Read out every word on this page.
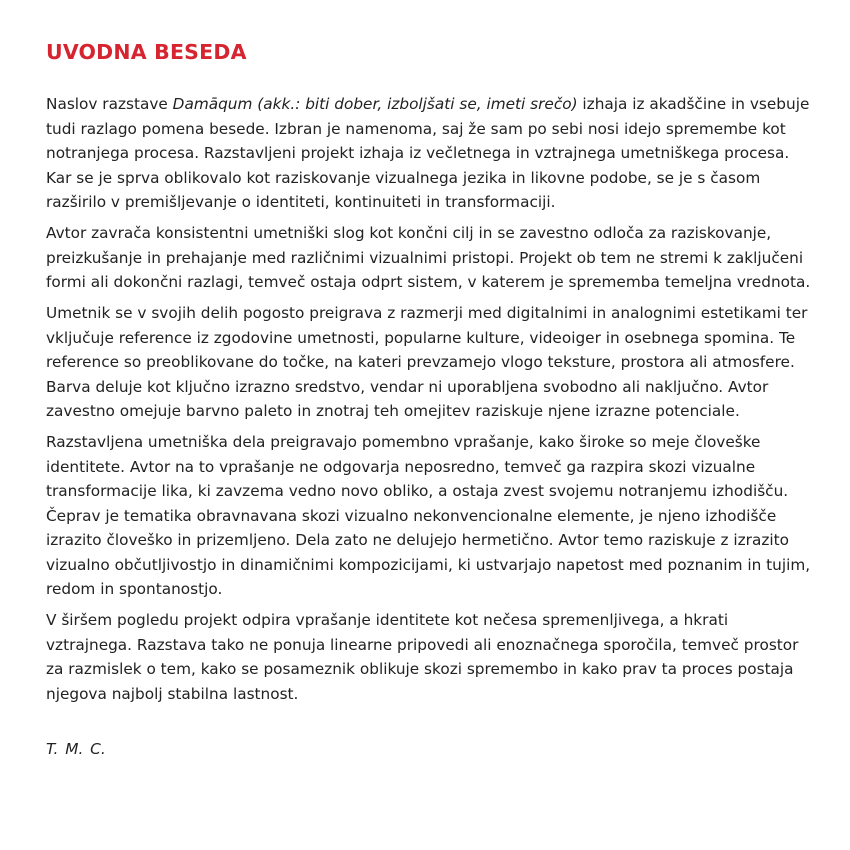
UVODNA BESEDA

Naslov razstave Damāqum (akk.: biti dober, izboljšati se, imeti srečo) izhaja iz akadščine in vsebuje tudi razlago pomena besede. Izbran je namenoma, saj že sam po sebi nosi idejo spremembe kot notranjega procesa. Razstavljeni projekt izhaja iz večletnega in vztrajnega umetniškega procesa. Kar se je sprva oblikovalo kot raziskovanje vizualnega jezika in likovne podobe, se je s časom razširilo v premišljevanje o identiteti, kontinuiteti in transformaciji.

Avtor zavrača konsistentni umetniški slog kot končni cilj in se zavestno odloča za raziskovanje, preizkušanje in prehajanje med različnimi vizualnimi pristopi. Projekt ob tem ne stremi k zaključeni formi ali dokončni razlagi, temveč ostaja odprt sistem, v katerem je sprememba temeljna vrednota.

Umetnik se v svojih delih pogosto preigrava z razmerji med digitalnimi in analognimi estetikami ter vključuje reference iz zgodovine umetnosti, popularne kulture, videoiger in osebnega spomina. Te reference so preoblikovane do točke, na kateri prevzamejo vlogo teksture, prostora ali atmosfere. Barva deluje kot ključno izrazno sredstvo, vendar ni uporabljena svobodno ali naključno. Avtor zavestno omejuje barvno paleto in znotraj teh omejitev raziskuje njene izrazne potenciale.

Razstavljena umetniška dela preigravajo pomembno vprašanje, kako široke so meje človeške identitete. Avtor na to vprašanje ne odgovarja neposredno, temveč ga razpira skozi vizualne transformacije lika, ki zavzema vedno novo obliko, a ostaja zvest svojemu notranjemu izhodišču. Čeprav je tematika obravnavana skozi vizualno nekonvencionalne elemente, je njeno izhodišče izrazito človeško in prizemljeno. Dela zato ne delujejo hermetično. Avtor temo raziskuje z izrazito vizualno občutljivostjo in dinamičnimi kompozicijami, ki ustvarjajo napetost med poznanim in tujim, redom in spontanostjo.

V širšem pogledu projekt odpira vprašanje identitete kot nečesa spremenljivega, a hkrati vztrajnega. Razstava tako ne ponuja linearne pripovedi ali enoznačnega sporočila, temveč prostor za razmislek o tem, kako se posameznik oblikuje skozi spremembo in kako prav ta proces postaja njegova najbolj stabilna lastnost.

T. M. C.
